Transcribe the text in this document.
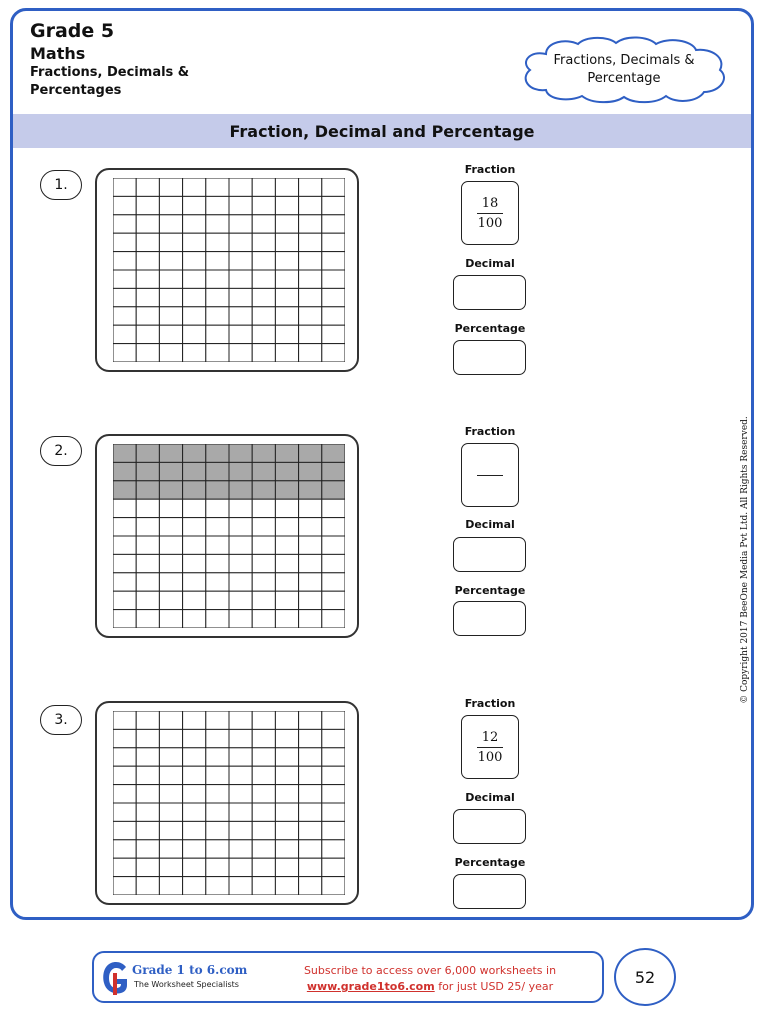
Grade 5
Maths
Fractions, Decimals & Percentages
Fractions, Decimals & Percentage
Fraction, Decimal and Percentage
1.
Fraction
18
100
Decimal
Percentage
2.
Fraction
Decimal
Percentage
3.
Fraction
12
100
Decimal
Percentage
© Copyright 2017 BeeOne Media Pvt Ltd. All Rights Reserved.
Grade 1 to 6.com
The Worksheet Specialists
Subscribe to access over 6,000 worksheets in
www.grade1to6.com for just USD 25/ year	52
